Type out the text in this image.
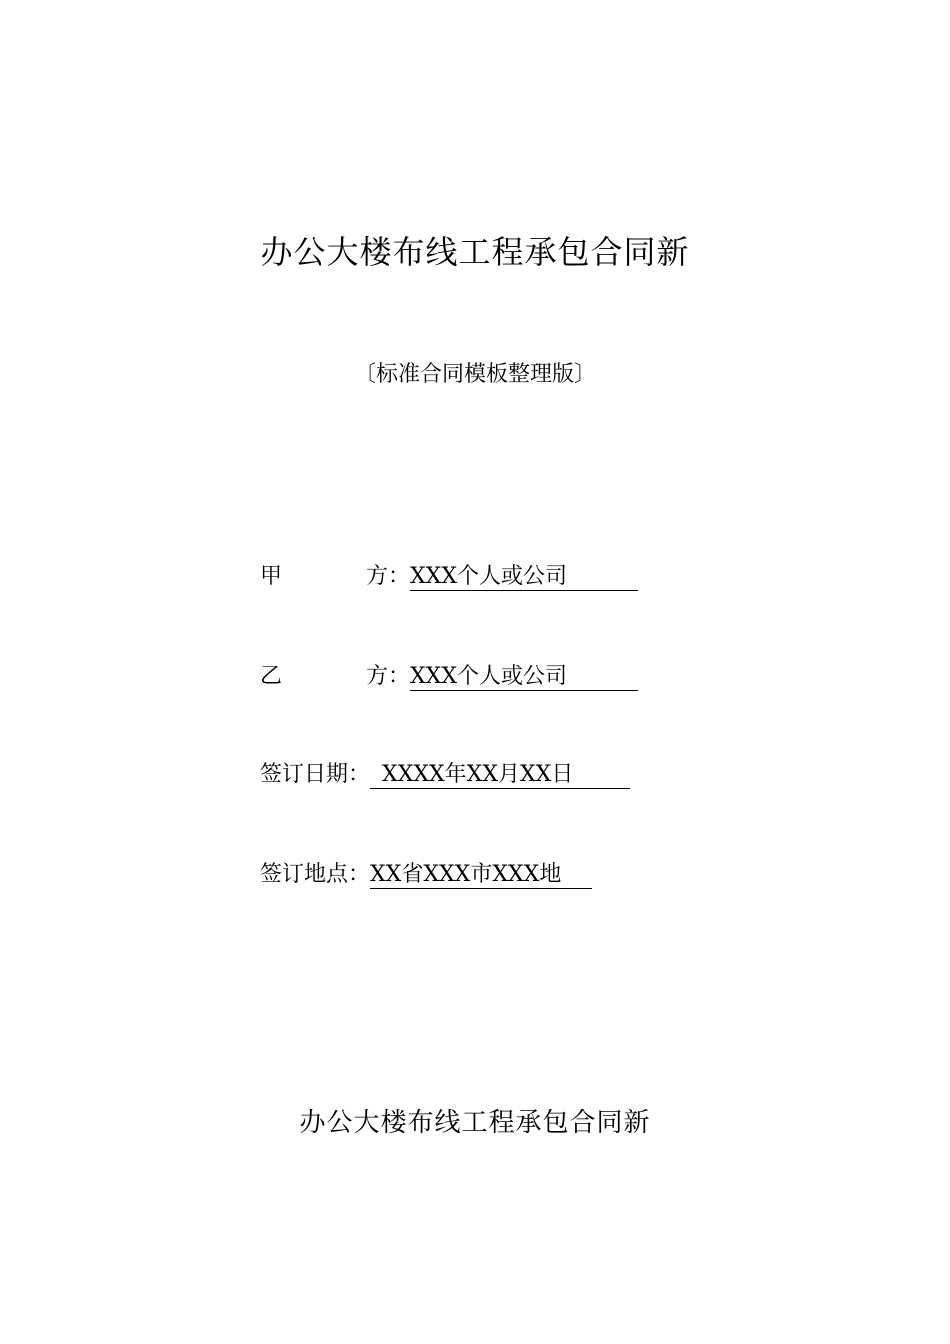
办公大楼布线工程承包合同新
〔标准合同模板整理版〕
甲　　方：XXX个人或公司
乙　　方：XXX个人或公司
签订日期： XXXX年XX月XX日
签订地点：XX省XXX市XXX地
办公大楼布线工程承包合同新
